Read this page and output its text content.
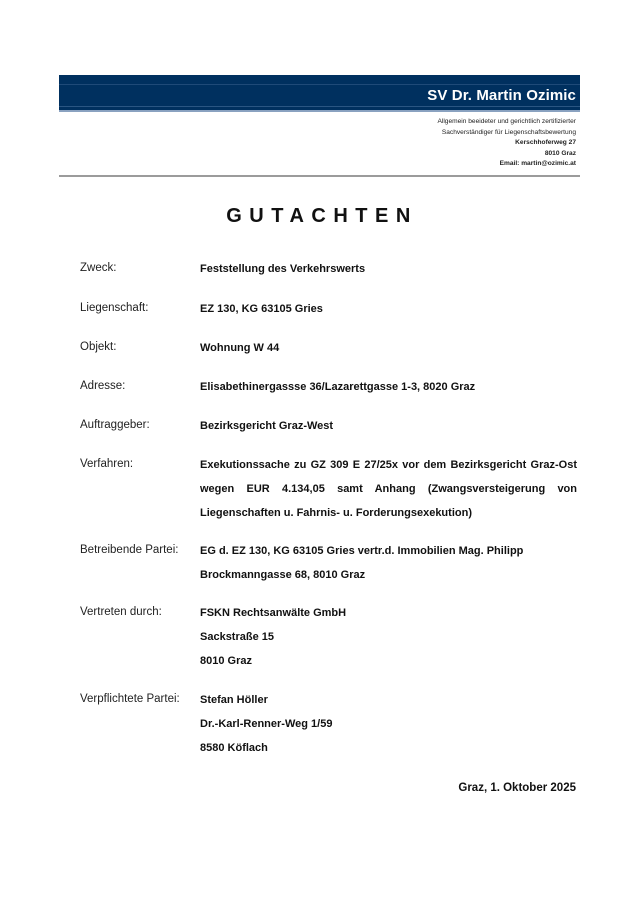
SV Dr. Martin Ozimic
Allgemein beeideter und gerichtlich zertifizierter
Sachverständiger für Liegenschaftsbewertung
Kerschhoferweg 27
8010 Graz
Email: martin@ozimic.at
GUTACHTEN
Zweck:	Feststellung des Verkehrswerts
Liegenschaft:	EZ 130, KG 63105 Gries
Objekt:	Wohnung W 44
Adresse:	Elisabethinergassse 36/Lazarettgasse 1-3, 8020 Graz
Auftraggeber:	Bezirksgericht Graz-West
Verfahren:	Exekutionssache zu GZ 309 E 27/25x vor dem Bezirksgericht Graz-Ost
wegen EUR 4.134,05 samt Anhang (Zwangsversteigerung von
Liegenschaften u. Fahrnis- u. Forderungsexekution)
Betreibende Partei:	EG d. EZ 130, KG 63105 Gries vertr.d. Immobilien Mag. Philipp
Brockmanngasse 68, 8010 Graz
Vertreten durch:	FSKN Rechtsanwälte GmbH
Sackstraße 15
8010 Graz
Verpflichtete Partei:	Stefan Höller
Dr.-Karl-Renner-Weg 1/59
8580 Köflach
Graz, 1. Oktober 2025
